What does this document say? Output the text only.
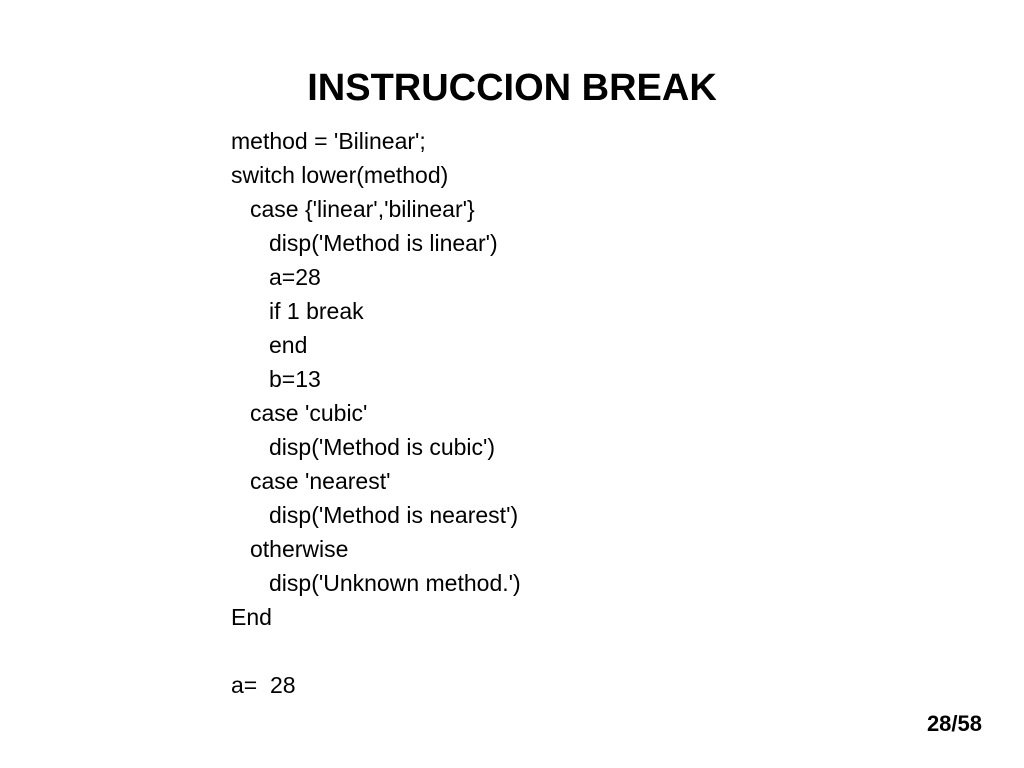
INSTRUCCION BREAK
method = 'Bilinear';
switch lower(method)
case {'linear','bilinear'}
disp('Method is linear')
a=28
if 1 break
end
b=13
case 'cubic'
disp('Method is cubic')
case 'nearest'
disp('Method is nearest')
otherwise
disp('Unknown method.')
End
a=  28
28/58
